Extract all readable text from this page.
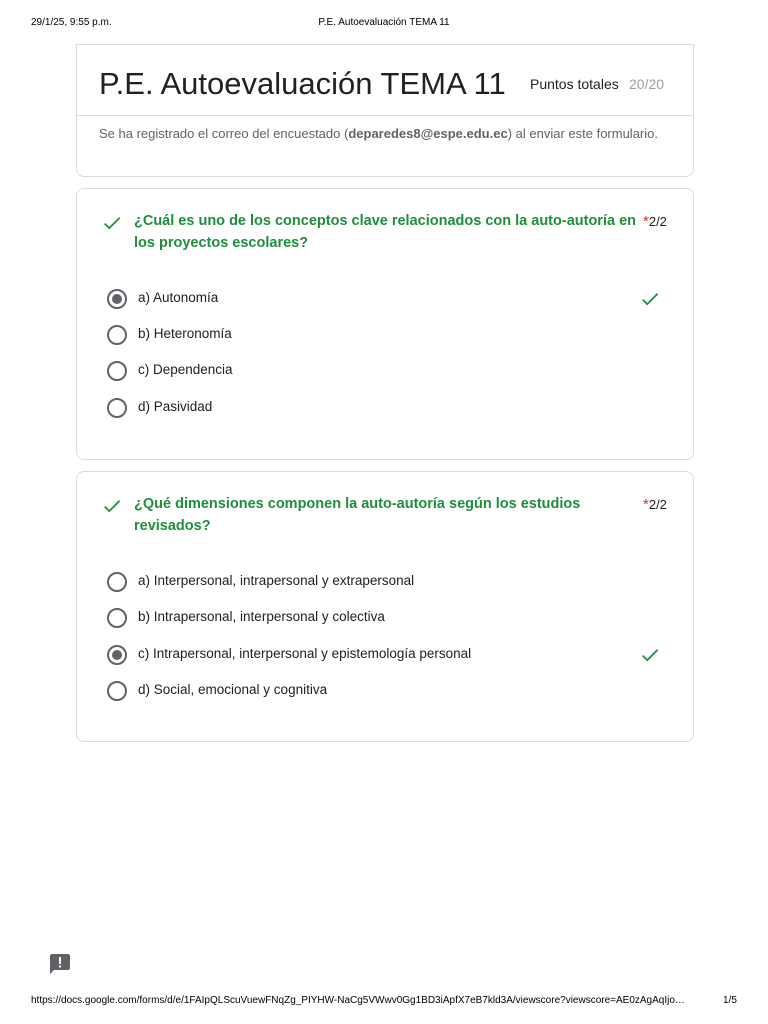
29/1/25, 9:55 p.m.	P.E. Autoevaluación TEMA 11
P.E. Autoevaluación TEMA 11 Puntos totales 20/20
Se ha registrado el correo del encuestado (deparedes8@espe.edu.ec) al enviar este formulario.
¿Cuál es uno de los conceptos clave relacionados con la auto-autoría en los proyectos escolares?
*2/2
a) Autonomía
b) Heteronomía
c) Dependencia
d) Pasividad
¿Qué dimensiones componen la auto-autoría según los estudios revisados?
*2/2
a) Interpersonal, intrapersonal y extrapersonal
b) Intrapersonal, interpersonal y colectiva
c) Intrapersonal, interpersonal y epistemología personal
d) Social, emocional y cognitiva
https://docs.google.com/forms/d/e/1FAIpQLScuVuewFNqZg_PIYHW-NaCg5VWwv0Gg1BD3iApfX7eB7kld3A/viewscore?viewscore=AE0zAgAqIjo…	1/5
